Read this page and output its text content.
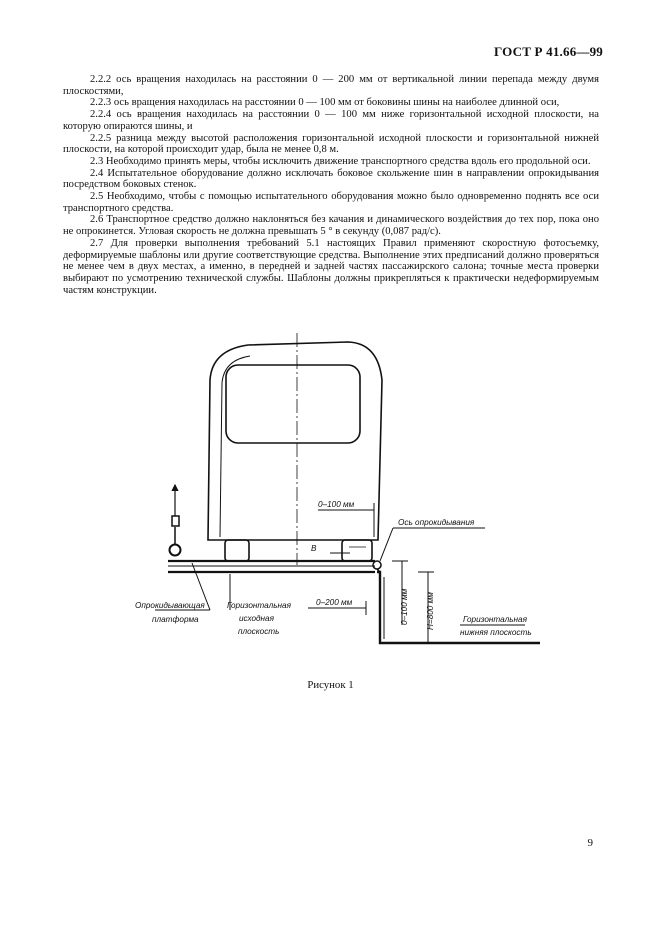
ГОСТ Р 41.66—99

2.2.2 ось вращения находилась на расстоянии 0 — 200 мм от вертикальной линии перепада между двумя плоскостями,

2.2.3 ось вращения находилась на расстоянии 0 — 100 мм от боковины шины на наиболее длинной оси,

2.2.4 ось вращения находилась на расстоянии 0 — 100 мм ниже горизонтальной исходной плоскости, на которую опираются шины, и

2.2.5 разница между высотой расположения горизонтальной исходной плоскости и горизонтальной нижней плоскости, на которой происходит удар, была не менее 0,8 м.

2.3 Необходимо принять меры, чтобы исключить движение транспортного средства вдоль его продольной оси.

2.4 Испытательное оборудование должно исключать боковое скольжение шин в направлении опрокидывания посредством боковых стенок.

2.5 Необходимо, чтобы с помощью испытательного оборудования можно было одновременно поднять все оси транспортного средства.

2.6 Транспортное средство должно наклоняться без качания и динамического воздействия до тех пор, пока оно не опрокинется. Угловая скорость не должна превышать 5 ° в секунду (0,087 рад/с).

2.7 Для проверки выполнения требований 5.1 настоящих Правил применяют скоростную фотосъемку, деформируемые шаблоны или другие соответствующие средства. Выполнение этих предписаний должно проверяться не менее чем в двух местах, а именно, в передней и задней частях пассажирского салона; точные места проверки выбирают по усмотрению технической службы. Шаблоны должны прикрепляться к практически недеформируемым частям конструкции.

0–100 мм
Ось опрокидывания
В
0–200 мм	0–100 мм H=800 мм
Опрокидывающая
платформа
Горизонтальная
исходная
плоскость
Горизонтальная
нижняя плоскость
Рисунок 1
9
